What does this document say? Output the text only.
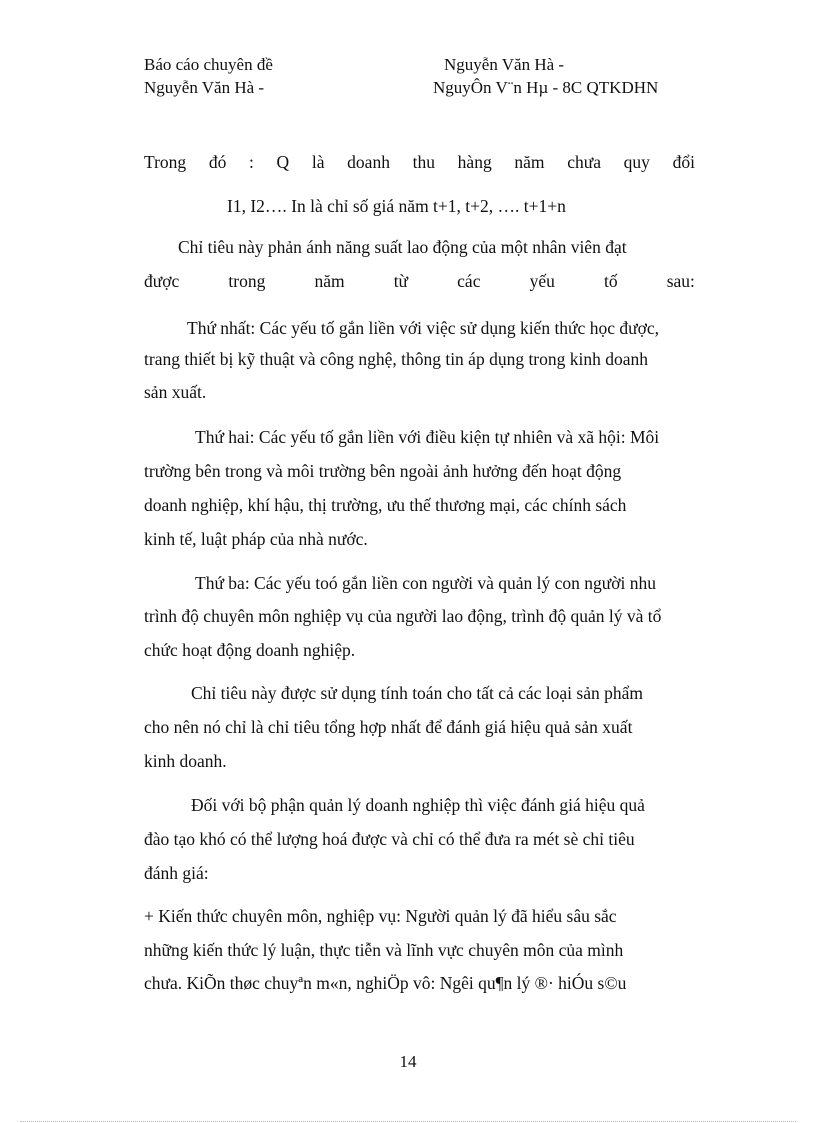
Báo cáo chuyên đề	Nguyễn Văn Hà -
Nguyễn Văn Hà -	NguyÔn V¨n Hµ - 8C QTKDHN
Trong đó : Q là doanh thu hàng năm chưa quy đổi
I1, I2…. In là chỉ số giá năm t+1, t+2, …. t+1+n
Chỉ tiêu này phản ánh năng suất lao động của một nhân viên đạt
được	trong	năm	từ	các	yếu	tố	sau:
Thứ nhất: Các yếu tố gắn liền với việc sử dụng kiến thức học được,
trang thiết bị kỹ thuật và công nghệ, thông tin áp dụng trong kinh doanh
sản xuất.
Thứ hai: Các yếu tố gắn liền với điều kiện tự nhiên và xã hội: Môi
trường bên trong và môi trường bên ngoài ảnh hưởng đến hoạt động
doanh nghiệp, khí hậu, thị trường, ưu thế thương mại, các chính sách
kinh tế, luật pháp của nhà nước.
Thứ ba: Các yếu toó gắn liền con người và quản lý con người nhu
trình độ chuyên môn nghiệp vụ của người lao động, trình độ quản lý và tổ
chức hoạt động doanh nghiệp.
Chỉ tiêu này được sử dụng tính toán cho tất cả các loại sản phẩm
cho nên nó chỉ là chỉ tiêu tổng hợp nhất để đánh giá hiệu quả sản xuất
kinh doanh.
Đối với bộ phận quản lý doanh nghiệp thì việc đánh giá hiệu quả
đào tạo khó có thể lượng hoá được và chỉ có thể đưa ra mét sè chỉ tiêu
đánh giá:
+ Kiến thức chuyên môn, nghiệp vụ: Người quản lý đã hiểu sâu sắc
những kiến thức lý luận, thực tiễn và lĩnh vực chuyên môn của mình
chưa. KiÕn thøc chuyªn m«n, nghiÖp vô: Ngêi qu¶n lý ®· hiÓu s©u
14
